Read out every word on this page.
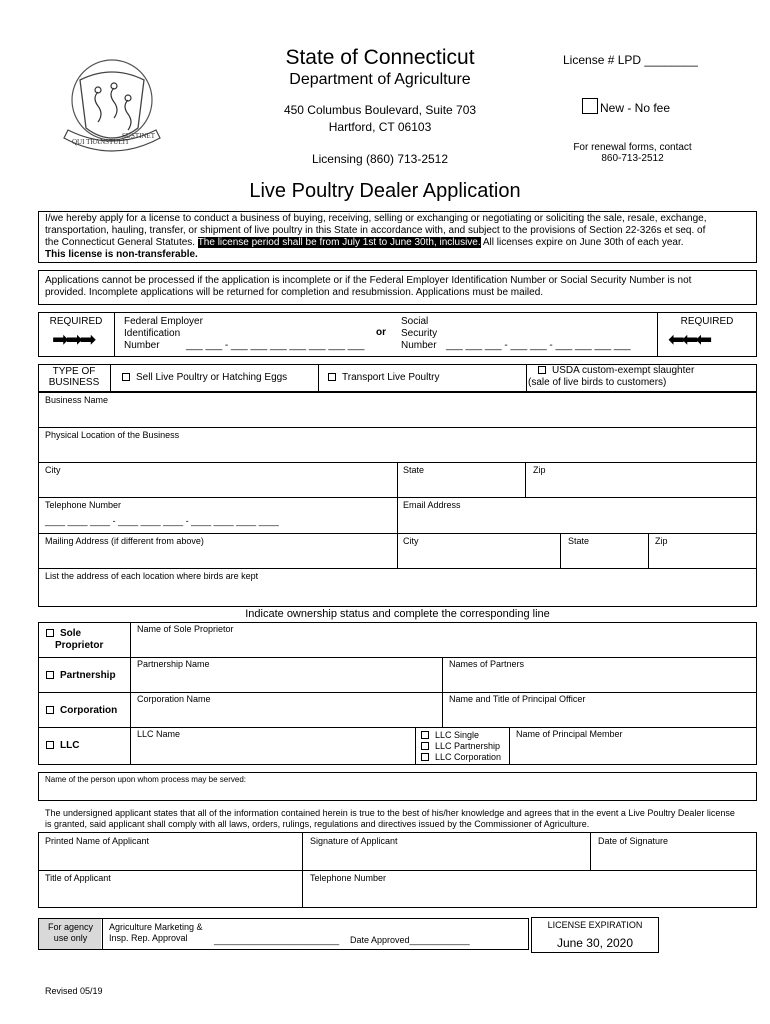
QUI TRANSTULIT
SUSTINET
State of Connecticut
Department of Agriculture
450 Columbus Boulevard, Suite 703
Hartford, CT 06103
Licensing (860) 713-2512
License # LPD ________
New - No fee
For renewal forms, contact
860-713-2512
Live Poultry Dealer Application
I/we hereby apply for a license to conduct a business of buying, receiving, selling or exchanging or negotiating or soliciting the sale, resale, exchange,
transportation, hauling, transfer, or shipment of live poultry in this State in accordance with, and subject to the provisions of Section 22-326s et seq. of
the Connecticut General Statutes. The license period shall be from July 1st to June 30th, inclusive. All licenses expire on June 30th of each year.
This license is non-transferable.
Applications cannot be processed if the application is incomplete or if the Federal Employer Identification Number or Social Security Number is not
provided. Incomplete applications will be returned for completion and resubmission. Applications must be mailed.
REQUIRED
➡➡➡
Federal Employer
Identification
Number	___ ___ - ___ ___ ___ ___ ___ ___ ___
or
Social
Security
Number ___ ___ ___ - ___ ___ - ___ ___ ___ ___
REQUIRED
⬅⬅⬅
TYPE OF
BUSINESS	Sell Live Poultry or Hatching Eggs	Transport Live Poultry
USDA custom-exempt slaughter
(sale of live birds to customers)
Business Name
Physical Location of the Business
City	State	Zip
Telephone Number
____ ____ ____ - ____ ____ ____ - ____ ____ ____ ____
Email Address
Mailing Address (if different from above)	City	State	Zip
List the address of each location where birds are kept
Indicate ownership status and complete the corresponding line
Sole
Proprietor
Name of Sole Proprietor
Partnership
Partnership Name	Names of Partners
Corporation
Corporation Name	Name and Title of Principal Officer
LLC
LLC Name	LLC Single
LLC Partnership
LLC Corporation
Name of Principal Member
Name of the person upon whom process may be served:
The undersigned applicant states that all of the information contained herein is true to the best of his/her knowledge and agrees that in the event a Live Poultry Dealer license
is granted, said applicant shall comply with all laws, orders, rulings, regulations and directives issued by the Commissioner of Agriculture.
Printed Name of Applicant	Signature of Applicant	Date of Signature
Title of Applicant	Telephone Number
For agency
use only
Agriculture Marketing &
Insp. Rep. Approval	_________________________ Date Approved____________
LICENSE EXPIRATION
June 30, 2020
Revised 05/19
